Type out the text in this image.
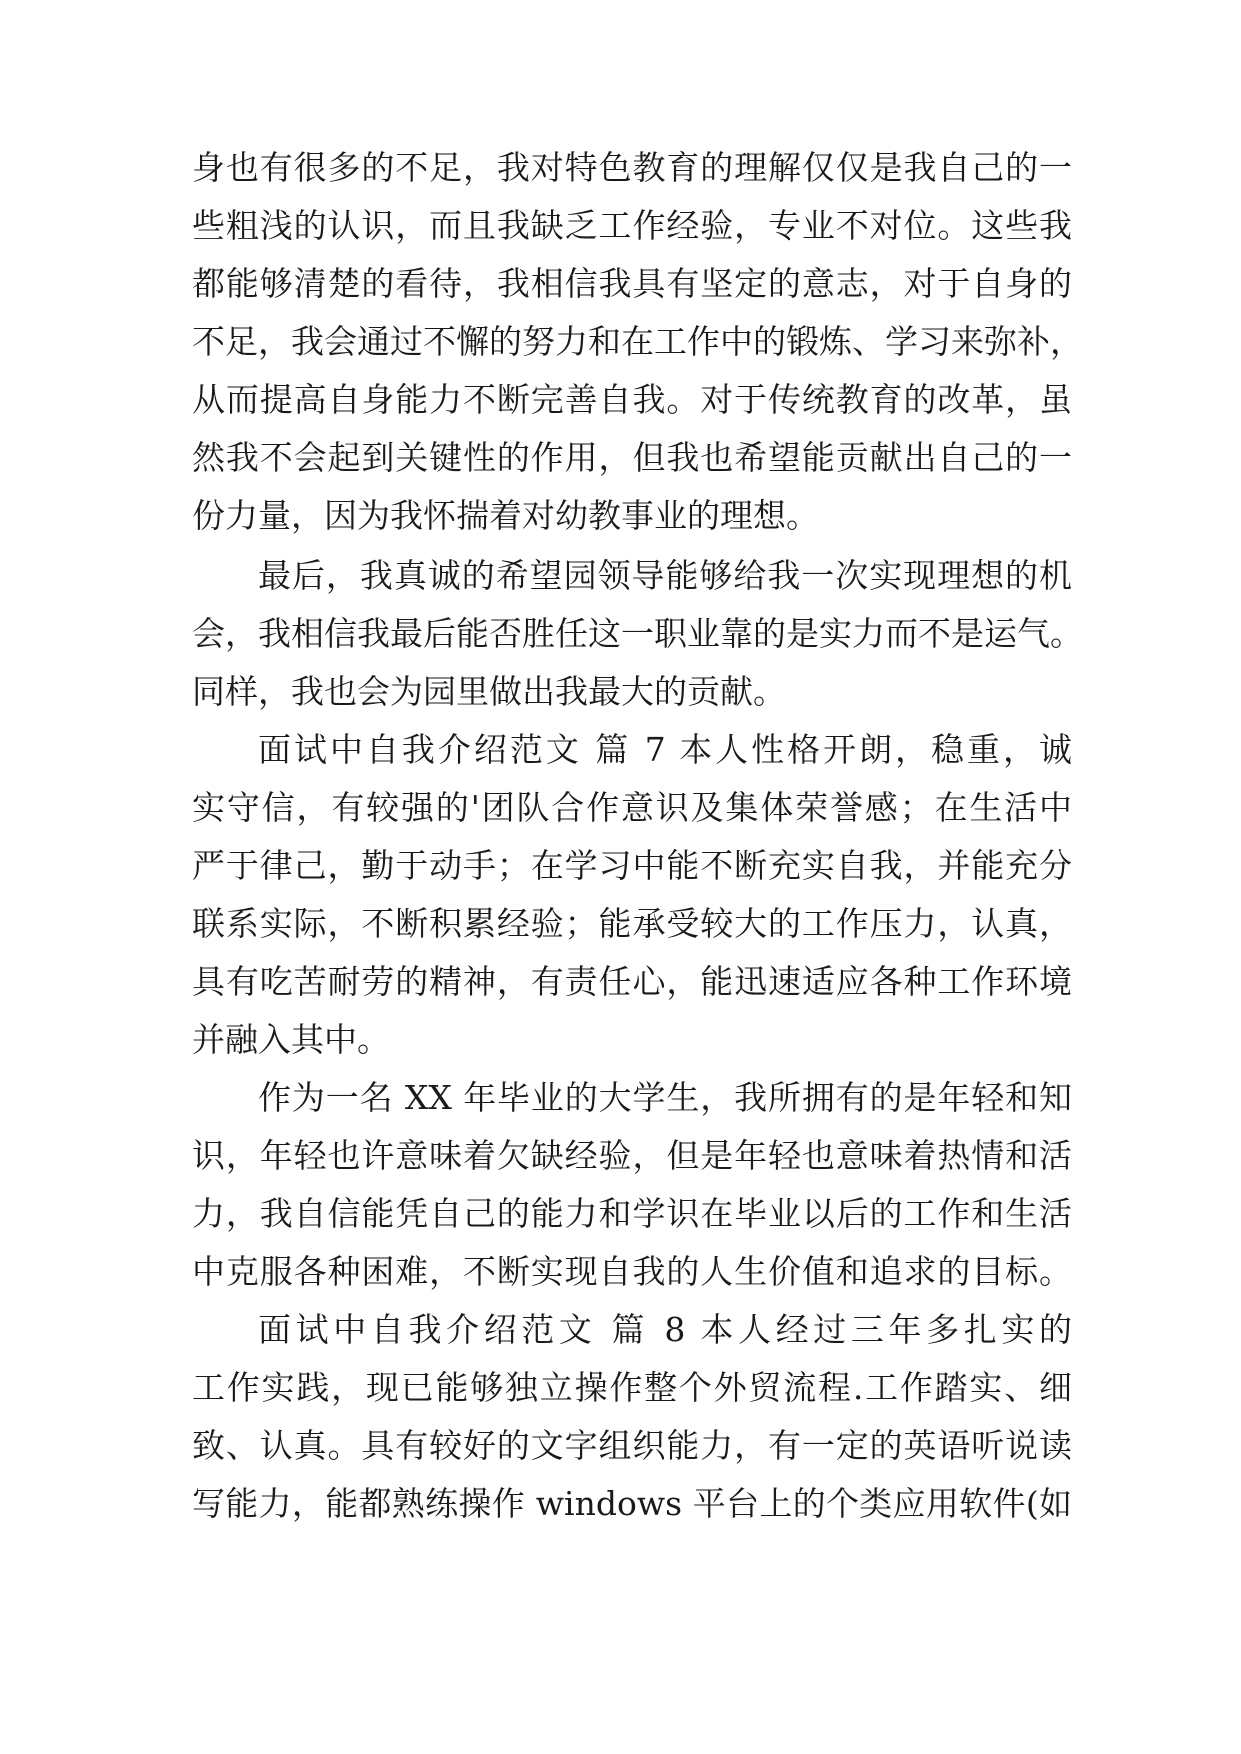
身也有很多的不足，我对特色教育的理解仅仅是我自己的一
些粗浅的认识，而且我缺乏工作经验，专业不对位。这些我
都能够清楚的看待，我相信我具有坚定的意志，对于自身的
不足，我会通过不懈的努力和在工作中的锻炼、学习来弥补，
从而提高自身能力不断完善自我。对于传统教育的改革，虽
然我不会起到关键性的作用，但我也希望能贡献出自己的一
份力量，因为我怀揣着对幼教事业的理想。
最后，我真诚的希望园领导能够给我一次实现理想的机
会，我相信我最后能否胜任这一职业靠的是实力而不是运气。
同样，我也会为园里做出我最大的贡献。
面试中自我介绍范文 篇 7 本人性格开朗，稳重，诚
实守信，有较强的'团队合作意识及集体荣誉感；在生活中
严于律己，勤于动手；在学习中能不断充实自我，并能充分
联系实际，不断积累经验；能承受较大的工作压力，认真，
具有吃苦耐劳的精神，有责任心，能迅速适应各种工作环境
并融入其中。
作为一名 XX 年毕业的大学生，我所拥有的是年轻和知
识，年轻也许意味着欠缺经验，但是年轻也意味着热情和活
力，我自信能凭自己的能力和学识在毕业以后的工作和生活
中克服各种困难，不断实现自我的人生价值和追求的目标。
面试中自我介绍范文 篇 8 本人经过三年多扎实的
工作实践，现已能够独立操作整个外贸流程.工作踏实、细
致、认真。具有较好的文字组织能力，有一定的英语听说读
写能力，能都熟练操作 windows 平台上的个类应用软件(如
